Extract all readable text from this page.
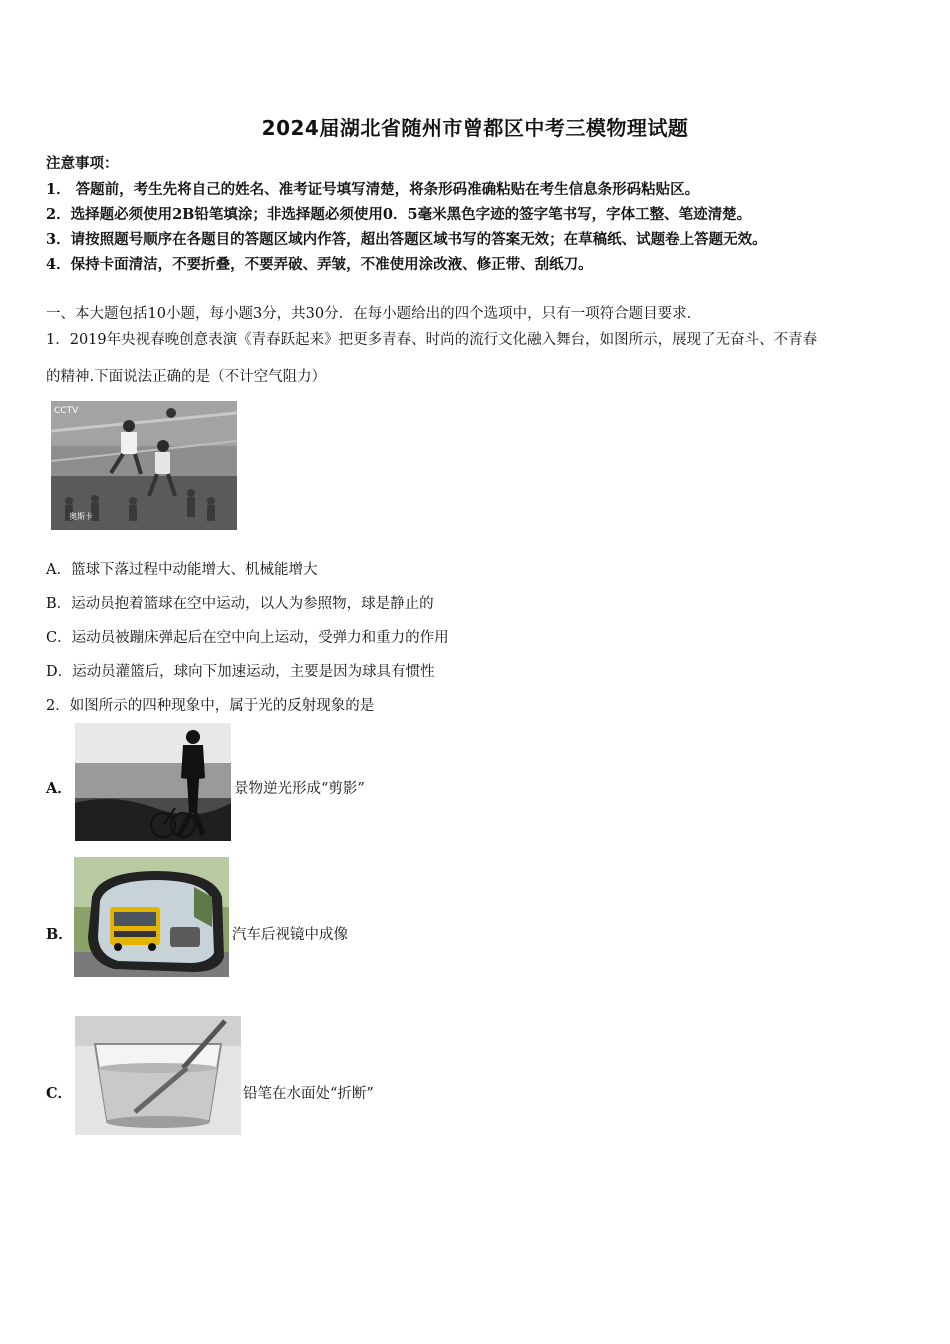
2024届湖北省随州市曾都区中考三模物理试题
注意事项：
1． 答题前，考生先将自己的姓名、准考证号填写清楚，将条形码准确粘贴在考生信息条形码粘贴区。
2．选择题必须使用2B铅笔填涂；非选择题必须使用0．5毫米黑色字迹的签字笔书写，字体工整、笔迹清楚。
3．请按照题号顺序在各题目的答题区域内作答，超出答题区域书写的答案无效；在草稿纸、试题卷上答题无效。
4．保持卡面清洁，不要折叠，不要弄破、弄皱，不准使用涂改液、修正带、刮纸刀。
一、本大题包括10小题，每小题3分，共30分．在每小题给出的四个选项中，只有一项符合题目要求．
1．2019年央视春晚创意表演《青春跃起来》把更多青春、时尚的流行文化融入舞台，如图所示，展现了无奋斗、不青春
的精神.下面说法正确的是（不计空气阻力）
CCTV
奥斯卡
A．篮球下落过程中动能增大、机械能增大
B．运动员抱着篮球在空中运动，以人为参照物，球是静止的
C．运动员被蹦床弹起后在空中向上运动，受弹力和重力的作用
D．运动员灌篮后，球向下加速运动，主要是因为球具有惯性
2．如图所示的四种现象中，属于光的反射现象的是
A．	景物逆光形成“剪影”
B．	汽车后视镜中成像
C．	铅笔在水面处“折断”
